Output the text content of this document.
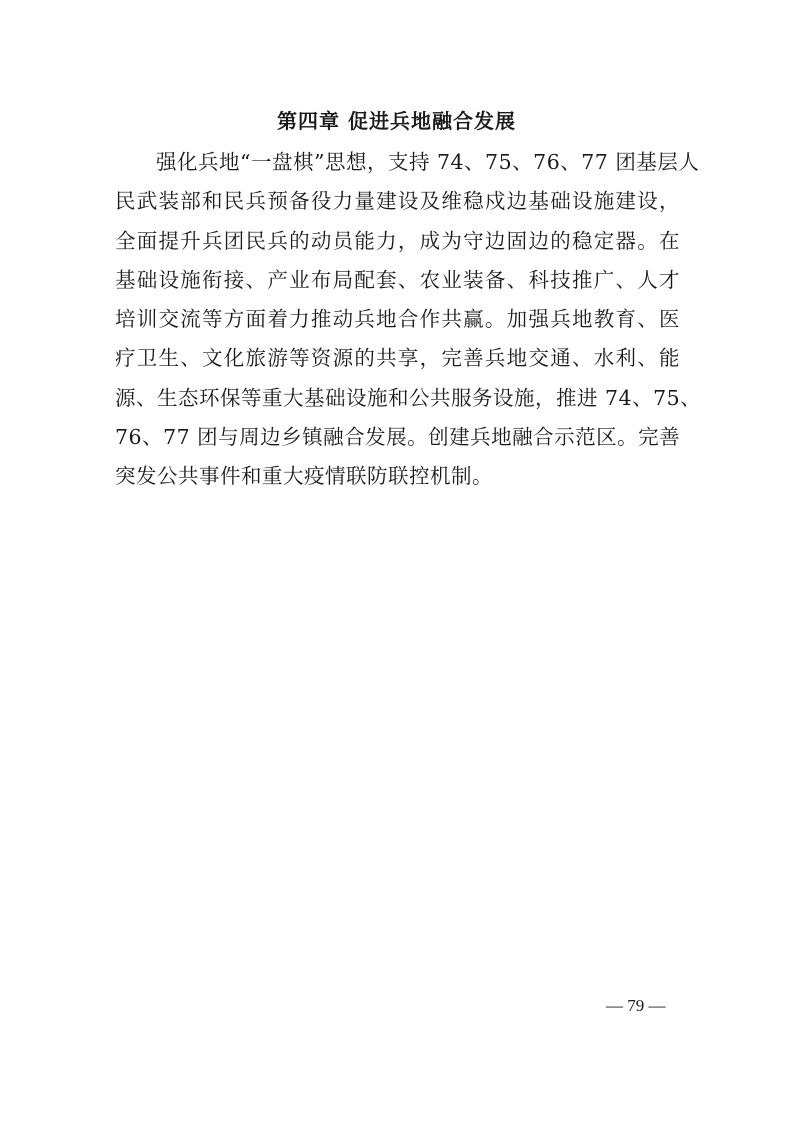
第四章 促进兵地融合发展
强化兵地“一盘棋”思想，支持 74、75、76、77 团基层人
民武装部和民兵预备役力量建设及维稳戍边基础设施建设，
全面提升兵团民兵的动员能力，成为守边固边的稳定器。在
基础设施衔接、产业布局配套、农业装备、科技推广、人才
培训交流等方面着力推动兵地合作共赢。加强兵地教育、医
疗卫生、文化旅游等资源的共享，完善兵地交通、水利、能
源、生态环保等重大基础设施和公共服务设施，推进 74、75、
76、77 团与周边乡镇融合发展。创建兵地融合示范区。完善
突发公共事件和重大疫情联防联控机制。
— 79 —
